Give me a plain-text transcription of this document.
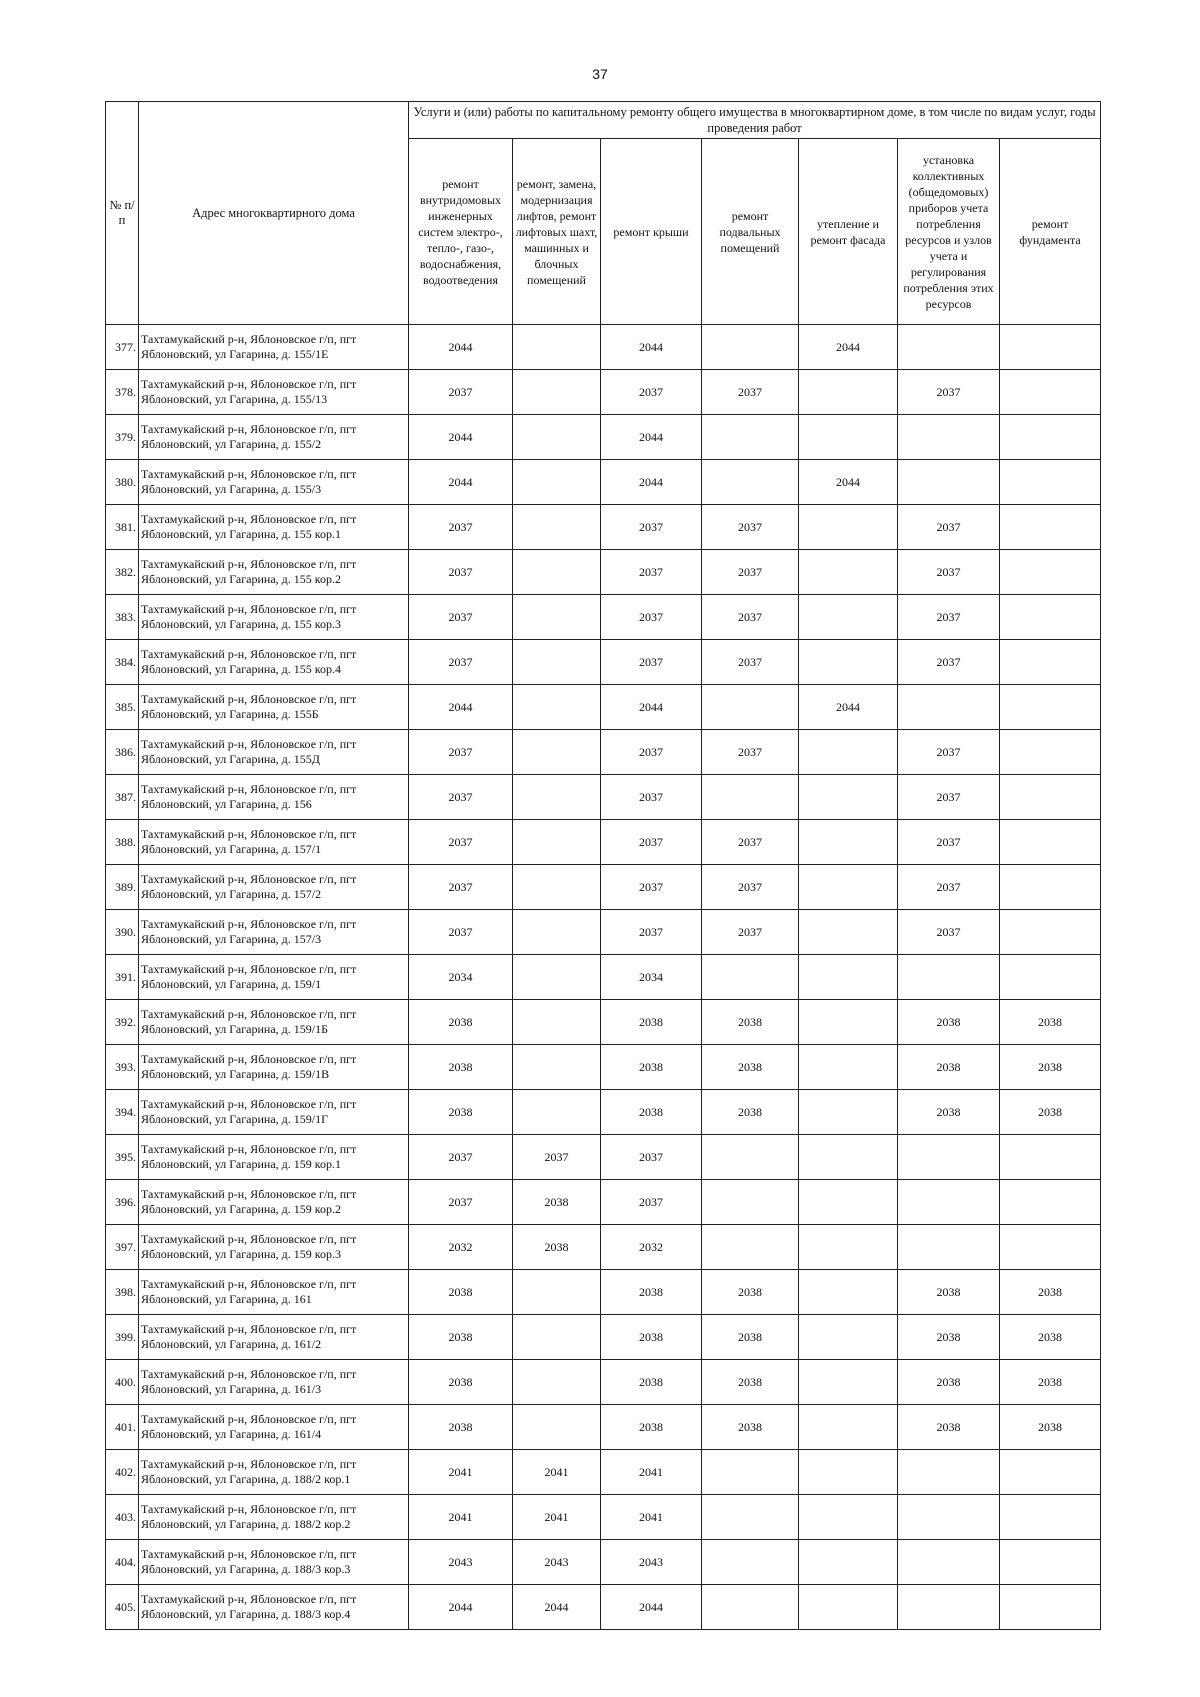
37
№ п/п	Адрес многоквартирного дома	Услуги и (или) работы по капитальному ремонту общего имущества в многоквартирном доме, в том числе по видам услуг, годы проведения работ						
		ремонт внутридомовых инженерных систем электро-, тепло-, газо-, водоснабжения, водоотведения	ремонт, замена, модернизация лифтов, ремонт лифтовых шахт, машинных и блочных помещений	ремонт крыши	ремонт подвальных помещений	утепление и ремонт фасада	установка коллективных (общедомовых) приборов учета потребления ресурсов и узлов учета и регулирования потребления этих ресурсов	ремонт фундамента
377.	Тахтамукайский р-н, Яблоновское г/п, пгт Яблоновский, ул Гагарина, д. 155/1Е	2044		2044		2044		
378.	Тахтамукайский р-н, Яблоновское г/п, пгт Яблоновский, ул Гагарина, д. 155/13	2037		2037	2037		2037	
379.	Тахтамукайский р-н, Яблоновское г/п, пгт Яблоновский, ул Гагарина, д. 155/2	2044		2044				
380.	Тахтамукайский р-н, Яблоновское г/п, пгт Яблоновский, ул Гагарина, д. 155/3	2044		2044		2044		
381.	Тахтамукайский р-н, Яблоновское г/п, пгт Яблоновский, ул Гагарина, д. 155 кор.1	2037		2037	2037		2037	
382.	Тахтамукайский р-н, Яблоновское г/п, пгт Яблоновский, ул Гагарина, д. 155 кор.2	2037		2037	2037		2037	
383.	Тахтамукайский р-н, Яблоновское г/п, пгт Яблоновский, ул Гагарина, д. 155 кор.3	2037		2037	2037		2037	
384.	Тахтамукайский р-н, Яблоновское г/п, пгт Яблоновский, ул Гагарина, д. 155 кор.4	2037		2037	2037		2037	
385.	Тахтамукайский р-н, Яблоновское г/п, пгт Яблоновский, ул Гагарина, д. 155Б	2044		2044		2044		
386.	Тахтамукайский р-н, Яблоновское г/п, пгт Яблоновский, ул Гагарина, д. 155Д	2037		2037	2037		2037	
387.	Тахтамукайский р-н, Яблоновское г/п, пгт Яблоновский, ул Гагарина, д. 156	2037		2037			2037	
388.	Тахтамукайский р-н, Яблоновское г/п, пгт Яблоновский, ул Гагарина, д. 157/1	2037		2037	2037		2037	
389.	Тахтамукайский р-н, Яблоновское г/п, пгт Яблоновский, ул Гагарина, д. 157/2	2037		2037	2037		2037	
390.	Тахтамукайский р-н, Яблоновское г/п, пгт Яблоновский, ул Гагарина, д. 157/3	2037		2037	2037		2037	
391.	Тахтамукайский р-н, Яблоновское г/п, пгт Яблоновский, ул Гагарина, д. 159/1	2034		2034				
392.	Тахтамукайский р-н, Яблоновское г/п, пгт Яблоновский, ул Гагарина, д. 159/1Б	2038		2038	2038		2038	2038
393.	Тахтамукайский р-н, Яблоновское г/п, пгт Яблоновский, ул Гагарина, д. 159/1В	2038		2038	2038		2038	2038
394.	Тахтамукайский р-н, Яблоновское г/п, пгт Яблоновский, ул Гагарина, д. 159/1Г	2038		2038	2038		2038	2038
395.	Тахтамукайский р-н, Яблоновское г/п, пгт Яблоновский, ул Гагарина, д. 159 кор.1	2037	2037	2037				
396.	Тахтамукайский р-н, Яблоновское г/п, пгт Яблоновский, ул Гагарина, д. 159 кор.2	2037	2038	2037				
397.	Тахтамукайский р-н, Яблоновское г/п, пгт Яблоновский, ул Гагарина, д. 159 кор.3	2032	2038	2032				
398.	Тахтамукайский р-н, Яблоновское г/п, пгт Яблоновский, ул Гагарина, д. 161	2038		2038	2038		2038	2038
399.	Тахтамукайский р-н, Яблоновское г/п, пгт Яблоновский, ул Гагарина, д. 161/2	2038		2038	2038		2038	2038
400.	Тахтамукайский р-н, Яблоновское г/п, пгт Яблоновский, ул Гагарина, д. 161/3	2038		2038	2038		2038	2038
401.	Тахтамукайский р-н, Яблоновское г/п, пгт Яблоновский, ул Гагарина, д. 161/4	2038		2038	2038		2038	2038
402.	Тахтамукайский р-н, Яблоновское г/п, пгт Яблоновский, ул Гагарина, д. 188/2 кор.1	2041	2041	2041				
403.	Тахтамукайский р-н, Яблоновское г/п, пгт Яблоновский, ул Гагарина, д. 188/2 кор.2	2041	2041	2041				
404.	Тахтамукайский р-н, Яблоновское г/п, пгт Яблоновский, ул Гагарина, д. 188/3 кор.3	2043	2043	2043				
405.	Тахтамукайский р-н, Яблоновское г/п, пгт Яблоновский, ул Гагарина, д. 188/3 кор.4	2044	2044	2044				
